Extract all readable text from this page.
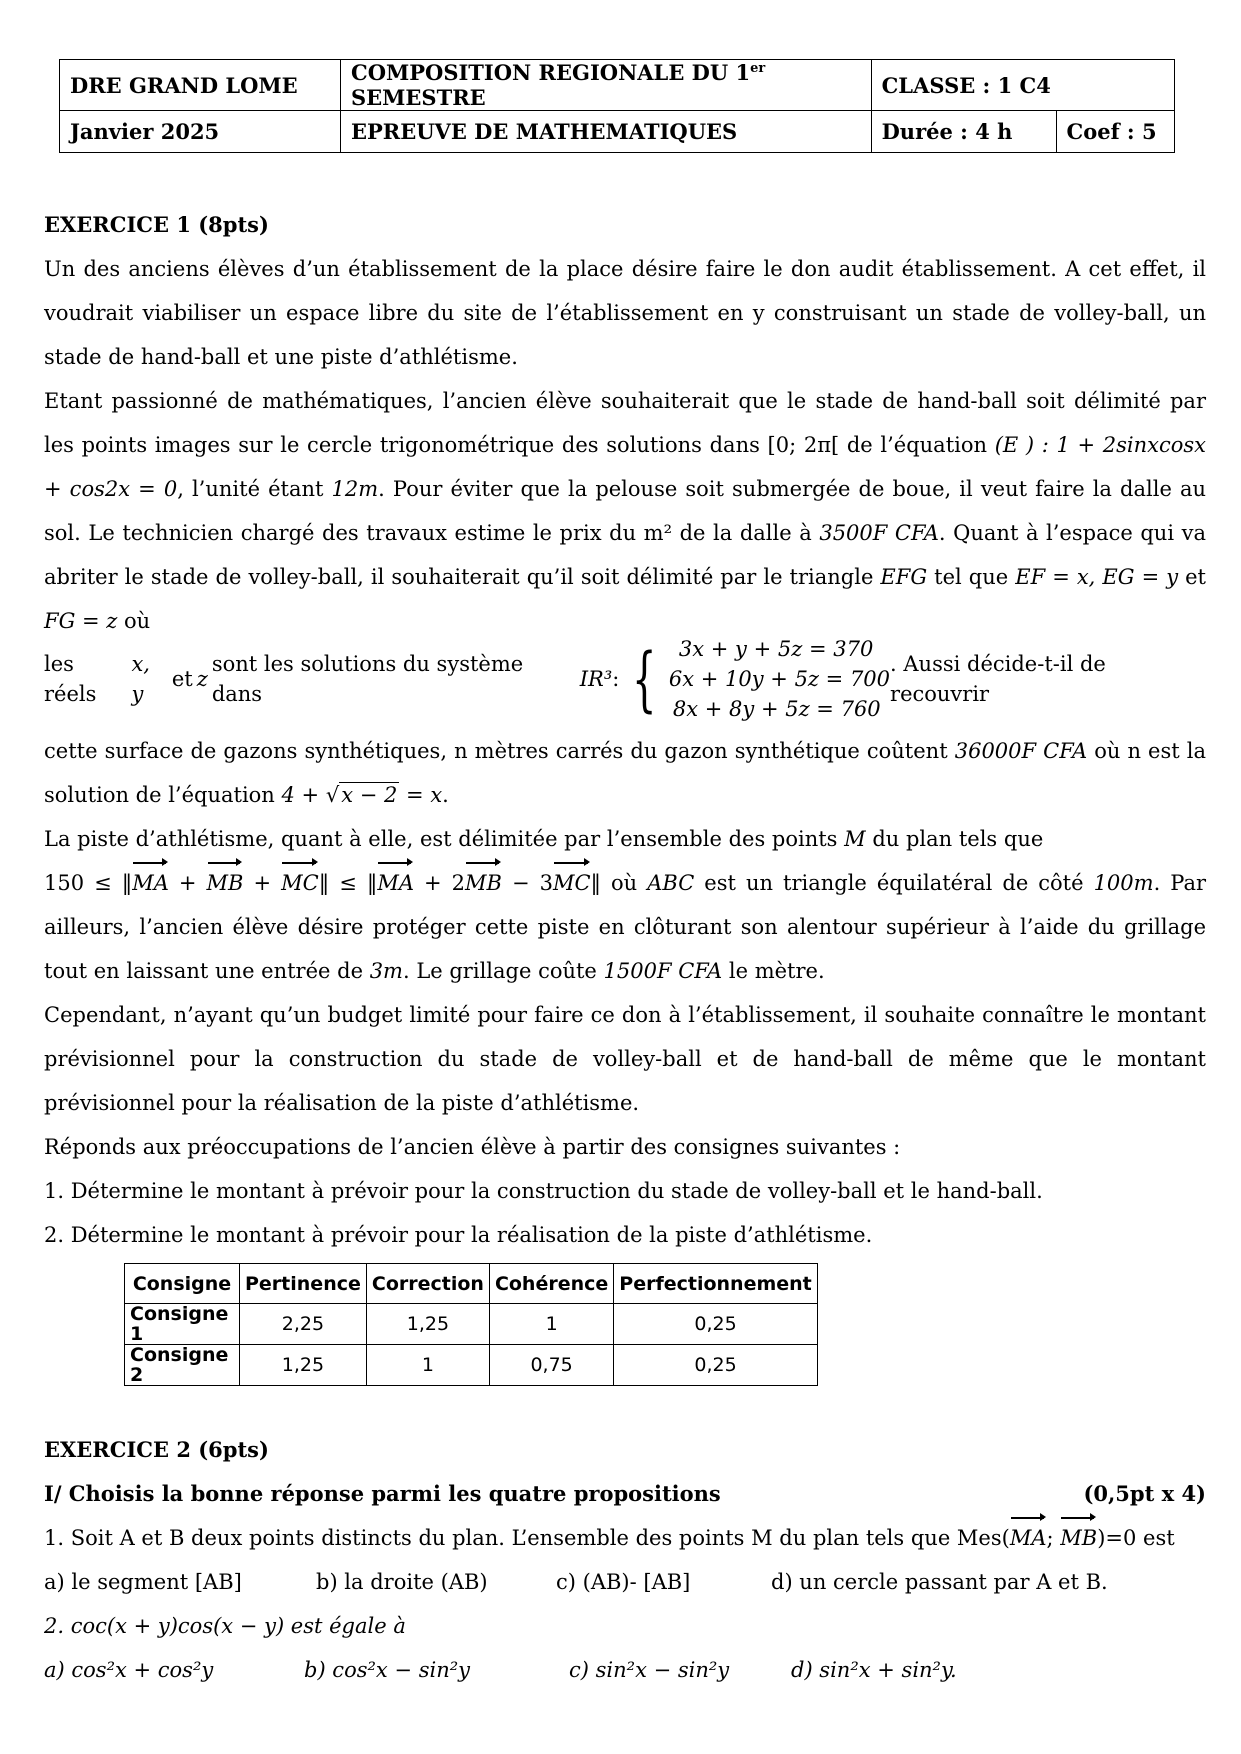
DRE GRAND LOME	COMPOSITION REGIONALE DU 1er SEMESTRE	CLASSE : 1 C4	
Janvier 2025	EPREUVE DE MATHEMATIQUES	Durée : 4 h	Coef : 5

EXERCICE 1 (8pts)

Un des anciens élèves d’un établissement de la place désire faire le don audit établissement. A cet effet, il voudrait viabiliser un espace libre du site de l’établissement en y construisant un stade de volley-ball, un stade de hand-ball et une piste d’athlétisme.

Etant passionné de mathématiques, l’ancien élève souhaiterait que le stade de hand-ball soit délimité par les points images sur le cercle trigonométrique des solutions dans [0; 2π[ de l’équation (E ) : 1 + 2sinxcosx + cos2x = 0, l’unité étant 12m. Pour éviter que la pelouse soit submergée de boue, il veut faire la dalle au sol. Le technicien chargé des travaux estime le prix du m² de la dalle à 3500F CFA. Quant à l’espace qui va abriter le stade de volley-ball, il souhaiterait qu’il soit délimité par le triangle EFG tel que EF = x, EG = y et FG = z où

les réels
x, y
et z
sont les solutions du système dans
IR³ : {	3x + y + 5z = 370
6x + 10y + 5z = 700
8x + 8y + 5z = 760
. Aussi décide-t-il de recouvrir

cette surface de gazons synthétiques, n mètres carrés du gazon synthétique coûtent 36000F CFA où n est la solution de l’équation 4 + √x − 2 = x.

La piste d’athlétisme, quant à elle, est délimitée par l’ensemble des points M du plan tels que

150 ≤ ‖MA + MB + MC‖ ≤ ‖MA + 2MB − 3MC‖ où ABC est un triangle équilatéral de côté 100m. Par ailleurs, l’ancien élève désire protéger cette piste en clôturant son alentour supérieur à l’aide du grillage tout en laissant une entrée de 3m. Le grillage coûte 1500F CFA le mètre.

Cependant, n’ayant qu’un budget limité pour faire ce don à l’établissement, il souhaite connaître le montant prévisionnel pour la construction du stade de volley-ball et de hand-ball de même que le montant prévisionnel pour la réalisation de la piste d’athlétisme.

Réponds aux préoccupations de l’ancien élève à partir des consignes suivantes :

1. Détermine le montant à prévoir pour la construction du stade de volley-ball et le hand-ball.

2. Détermine le montant à prévoir pour la réalisation de la piste d’athlétisme.

Consigne	Pertinence	Correction	Cohérence	Perfectionnement
Consigne 1	2,25	1,25	1	0,25
Consigne 2	1,25	1	0,75	0,25

EXERCICE 2 (6pts)

I/ Choisis la bonne réponse parmi les quatre propositions	(0,5pt x 4)

1. Soit A et B deux points distincts du plan. L’ensemble des points M du plan tels que Mes(MA; MB)=0 est

a) le segment [AB]	b) la droite (AB)	c) (AB)- [AB]	d) un cercle passant par A et B.

2. coc(x + y)cos(x − y) est égale à

a) cos²x + cos²y	b) cos²x − sin²y	c) sin²x − sin²y	d) sin²x + sin²y.
